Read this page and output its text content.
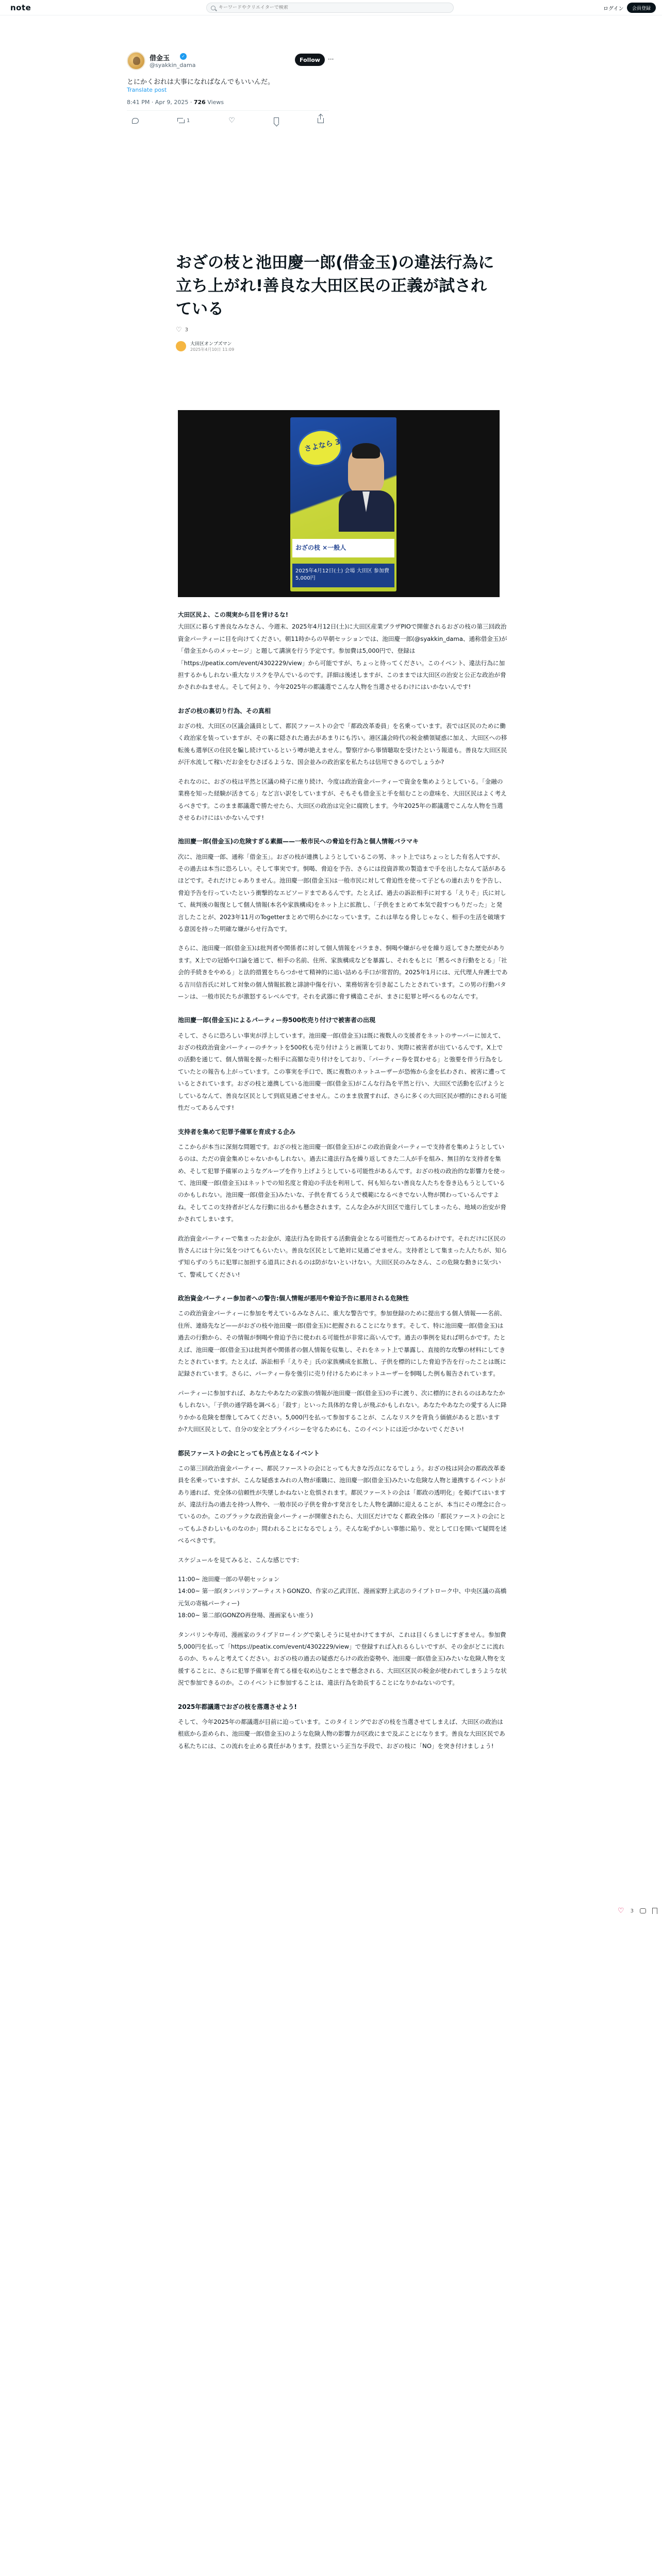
note
キーワードやクリエイターで検索	ログイン	会員登録
借金玉	✓
@syakkin_dama
Follow	···
とにかくおれは大事になればなんでもいいんだ。
Translate post
8:41 PM · Apr 9, 2025 · 726 Views
1	♡
おざの枝と池田慶一郎(借金玉)の違法行為に立ち上がれ!善良な大田区民の正義が試されている
♡ 3
大田区オンブズマン
2025年4月10日 11:09
さよなら 3
おざの枝 ×一般人
2025年4月12日(土) 会場 大田区 参加費5,000円

大田区民よ、この現実から目を背けるな!
大田区に暮らす善良なみなさん、今週末、2025年4月12日(土)に大田区産業プラザPIOで開催されるおざの枝の第三回政治資金パーティーに目を向けてください。朝11時からの早朝セッションでは、池田慶一郎(@syakkin_dama、通称借金玉)が「借金玉からのメッセージ」と題して講演を行う予定です。参加費は5,000円で、登録は「https://peatix.com/event/4302229/view」から可能ですが、ちょっと待ってください。このイベント、違法行為に加担するかもしれない重大なリスクを孕んでいるのです。詳細は後述しますが、このままでは大田区の治安と公正な政治が脅かされかねません。そして何より、今年2025年の都議選でこんな人物を当選させるわけにはいかないんです!

おざの枝の裏切り行為、その真相

おざの枝、大田区の区議会議員として、都民ファーストの会で「都政改革委員」を名乗っています。表では区民のために働く政治家を装っていますが、その裏に隠された過去があまりにも汚い。港区議会時代の税金横領疑惑に加え、大田区への移転後も選挙区の住民を騙し続けているという噂が絶えません。警察庁から事情聴取を受けたという報道も。善良な大田区民が汗水流して稼いだお金をむさぼるような、国会並みの政治家を私たちは信用できるのでしょうか?

それなのに、おざの枝は平然と区議の椅子に座り続け、今度は政治資金パーティーで資金を集めようとしている。「金融の業務を知った経験が活きてる」など言い訳をしていますが、そもそも借金玉と手を組むことの意味を、大田区民はよく考えるべきです。このまま都議選で勝たせたら、大田区の政治は完全に腐敗します。今年2025年の都議選でこんな人物を当選させるわけにはいかないんです!

池田慶一郎(借金玉)の危険すぎる素顔——一般市民への脅迫を行為と個人情報バラマキ

次に、池田慶一郎、通称「借金玉」。おざの枝が連携しようとしているこの男、ネット上ではちょっとした有名人ですが、その過去は本当に恐ろしい。そして事実です。恫喝、脅迫を予告、さらには投資詐欺の製造まで手を出したなんて話があるほどです。それだけじゃありません。池田慶一郎(借金玉)は一般市民に対して脅迫性を使って子どもの連れ去りを予告し、脅迫予告を行っていたという衝撃的なエピソードまであるんです。たとえば、過去の訴訟相手に対する「えりそ」氏に対して、裁判後の報復として個人情報(本名や家族構成)をネット上に拡散し、「子供をまとめて本気で殺すつもりだった」と発言したことが、2023年11月のTogetterまとめで明らかになっています。これは単なる脅しじゃなく、相手の生活を破壊する意図を持った明確な嫌がらせ行為です。

さらに、池田慶一郎(借金玉)は批判者や関係者に対して個人情報をバラまき、恫喝や嫌がらせを繰り返してきた歴史があります。X上での冠婚や口論を通じて、相手の名前、住所、家族構成などを暴露し、それをもとに「黙るべき行動をとる」「社会的手続きをやめる」と法的措置をちらつかせて精神的に追い詰める手口が常習的。2025年1月には、元代理人弁護士である吉川信吾氏に対して対象の個人情報拡散と誹謗中傷を行い、業務妨害を引き起こしたとされています。この男の行動パターンは、一般市民たちが激怒するレベルです。それを武器に脅す構造こそが、まさに犯罪と呼べるものなんです。

池田慶一郎(借金玉)によるパーティー券500枚売り付けで被害者の出現

そして、さらに恐ろしい事実が浮上しています。池田慶一郎(借金玉)は既に複数人の支援者をネットのサーバーに加えて、おざの枝政治資金パーティーのチケットを500枚も売り付けようと画策しており、実際に被害者が出ているんです。X上での活動を通じて、個人情報を握った相手に高額な売り付けをしており、「パーティー券を買わせる」と強要を伴う行為をしていたとの報告も上がっています。この事実を手口で、既に複数のネットユーザーが恐怖から金を払わされ、被害に遭っているとされています。おざの枝と連携している池田慶一郎(借金玉)がこんな行為を平然と行い、大田区で活動を広げようとしているなんて、善良な区民として到底見過ごせません。このまま放置すれば、さらに多くの大田区民が標的にされる可能性だってあるんです!

支持者を集めて犯罪予備軍を育成する企み

ここからが本当に深刻な問題です。おざの枝と池田慶一郎(借金玉)がこの政治資金パーティーで支持者を集めようとしているのは、ただの資金集めじゃないかもしれない。過去に違法行為を繰り返してきた二人が手を組み、無目的な支持者を集め、そして犯罪予備軍のようなグループを作り上げようとしている可能性があるんです。おざの枝の政治的な影響力を使って、池田慶一郎(借金玉)はネットでの知名度と脅迫の手法を利用して、何も知らない善良な人たちを巻き込もうとしているのかもしれない。池田慶一郎(借金玉)みたいな、子供を育てるうえで模範になるべきでない人物が関わっているんですよね。そしてこの支持者がどんな行動に出るかも懸念されます。こんな企みが大田区で進行してしまったら、地域の治安が脅かされてしまいます。

政治資金パーティーで集まったお金が、違法行為を助長する活動資金となる可能性だってあるわけです。それだけに区民の皆さんには十分に気をつけてもらいたい。善良な区民として絶対に見過ごせません。支持者として集まった人たちが、知らず知らずのうちに犯罪に加担する道具にされるのは防がないといけない。大田区民のみなさん、この危険な動きに気づいて、警戒してください!

政治資金パーティー参加者への警告:個人情報が悪用や脅迫予告に悪用される危険性

この政治資金パーティーに参加を考えているみなさんに、重大な警告です。参加登録のために提出する個人情報——名前、住所、連絡先など——がおざの枝や池田慶一郎(借金玉)に把握されることになります。そして、特に池田慶一郎(借金玉)は過去の行動から、その情報が恫喝や脅迫予告に使われる可能性が非常に高いんです。過去の事例を見れば明らかです。たとえば、池田慶一郎(借金玉)は批判者や関係者の個人情報を収集し、それをネット上で暴露し、直接的な攻撃の材料にしてきたとされています。たとえば、訴訟相手「えりそ」氏の家族構成を拡散し、子供を標的にした脅迫予告を行ったことは既に記録されています。さらに、パーティー券を強引に売り付けるためにネットユーザーを恫喝した例も報告されています。

パーティーに参加すれば、あなたやあなたの家族の情報が池田慶一郎(借金玉)の手に渡り、次に標的にされるのはあなたかもしれない。「子供の通学路を調べる」「殺す」といった具体的な脅しが飛ぶかもしれない。あなたやあなたの愛する人に降りかかる危険を想像してみてください。5,000円を払って参加することが、こんなリスクを背負う価値があると思いますか?大田区民として、自分の安全とプライバシーを守るためにも、このイベントには近づかないでください!

都民ファーストの会にとっても汚点となるイベント

この第三回政治資金パーティー、都民ファーストの会にとっても大きな汚点になるでしょう。おざの枝は同会の都政改革委員を名乗っていますが、こんな疑惑まみれの人物が重職に、池田慶一郎(借金玉)みたいな危険な人物と連携するイベントがあり通れば、党全体の信頼性が失墜しかねないと危惧されます。都民ファーストの会は「都政の透明化」を掲げてはいますが、違法行為の過去を持つ人物や、一般市民の子供を脅かす発言をした人物を講師に迎えることが、本当にその理念に合っているのか。このブラックな政治資金パーティーが開催されたら、大田区だけでなく都政全体の「都民ファーストの会にとってもふさわしいものなのか」問われることになるでしょう。そんな恥ずかしい事態に陥り、党として口を開いて疑問を述べるべきです。

スケジュールを見てみると、こんな感じです:

11:00~ 池田慶一郎の早朝セッション
14:00~ 第一部(タンバリンアーティストGONZO、作家の乙武洋匡、漫画家野上武志のライブトローク中、中央区議の高橋元気の寄稿パーティー)
18:00~ 第二部(GONZO再登場、漫画家もい座う)

タンバリンや寿司、漫画家のライブドローイングで楽しそうに見せかけてますが、これは目くらましにすぎません。参加費5,000円を払って「https://peatix.com/event/4302229/view」で登録すれば入れるらしいですが、その金がどこに流れるのか、ちゃんと考えてください。おざの枝の過去の疑惑だらけの政治姿勢や、池田慶一郎(借金玉)みたいな危険人物を支援することに、さらに犯罪予備軍を育てる様を収め込むことまで懸念される、大田区区民の税金が使われてしまうような状況で参加できるのか。このイベントに参加することは、違法行為を助長することになりかねないのです。

2025年都議選でおざの枝を落選させよう!

そして、今年2025年の都議選が目前に迫っています。このタイミングでおざの枝を当選させてしまえば、大田区の政治は根底から歪められ、池田慶一郎(借金玉)のような危険人物の影響力が区政にまで及ぶことになります。善良な大田区民である私たちには、この流れを止める責任があります。投票という正当な手段で、おざの枝に「NO」を突き付けましょう!

♡ 3
